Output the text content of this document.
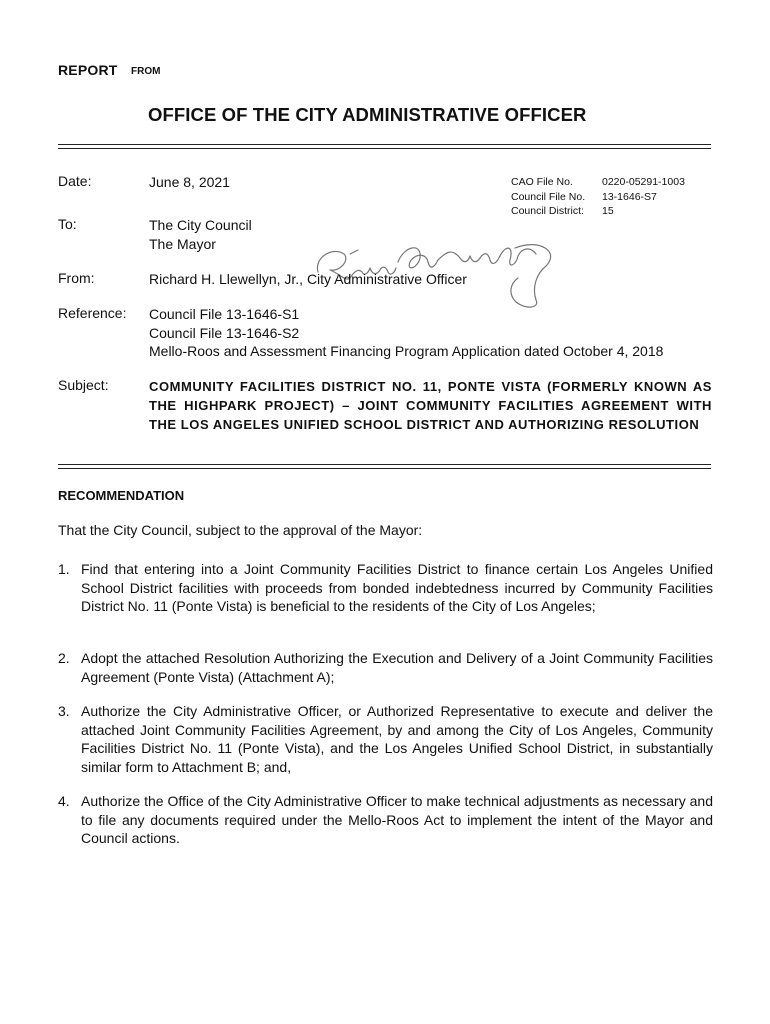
REPORT FROM
OFFICE OF THE CITY ADMINISTRATIVE OFFICER
Date:	June 8, 2021	CAO File No.	0220-05291-1003
Council File No.	13-1646-S7
Council District:	15
To:	The City Council
The Mayor
From:	Richard H. Llewellyn, Jr., City Administrative Officer
Reference: Council File 13-1646-S1
Council File 13-1646-S2
Mello-Roos and Assessment Financing Program Application dated October 4, 2018
Subject:	COMMUNITY FACILITIES DISTRICT NO. 11, PONTE VISTA (FORMERLY KNOWN AS THE HIGHPARK PROJECT) – JOINT COMMUNITY FACILITIES AGREEMENT WITH THE LOS ANGELES UNIFIED SCHOOL DISTRICT AND AUTHORIZING RESOLUTION
RECOMMENDATION
That the City Council, subject to the approval of the Mayor:
1. Find that entering into a Joint Community Facilities District to finance certain Los Angeles Unified School District facilities with proceeds from bonded indebtedness incurred by Community Facilities District No. 11 (Ponte Vista) is beneficial to the residents of the City of Los Angeles;
2. Adopt the attached Resolution Authorizing the Execution and Delivery of a Joint Community Facilities Agreement (Ponte Vista) (Attachment A);
3. Authorize the City Administrative Officer, or Authorized Representative to execute and deliver the attached Joint Community Facilities Agreement, by and among the City of Los Angeles, Community Facilities District No. 11 (Ponte Vista), and the Los Angeles Unified School District, in substantially similar form to Attachment B; and,
4. Authorize the Office of the City Administrative Officer to make technical adjustments as necessary and to file any documents required under the Mello-Roos Act to implement the intent of the Mayor and Council actions.
